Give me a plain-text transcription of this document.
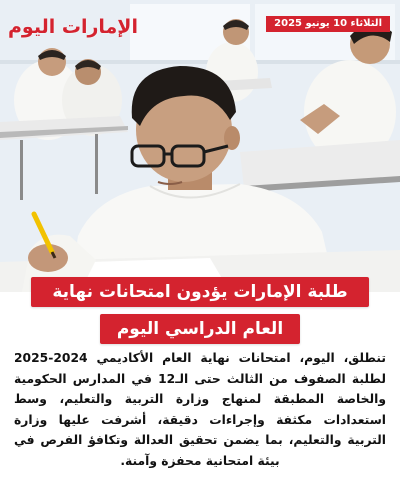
الإمارات اليوم	الثلاثاء 10 يونيو 2025
طلبة الإمارات يؤدون امتحانات نهاية
العام الدراسي اليوم
تنطلق، اليوم، امتحانات نهاية العام الأكاديمي 2024-2025 لطلبة الصفوف من الثالث حتى الـ12 في المدارس الحكومية والخاصة المطبقة لمنهاج وزارة التربية والتعليم، وسط استعدادات مكثفة وإجراءات دقيقة، أشرفت عليها وزارة التربية والتعليم، بما يضمن تحقيق العدالة وتكافؤ الفرص في بيئة امتحانية محفزة وآمنة.
